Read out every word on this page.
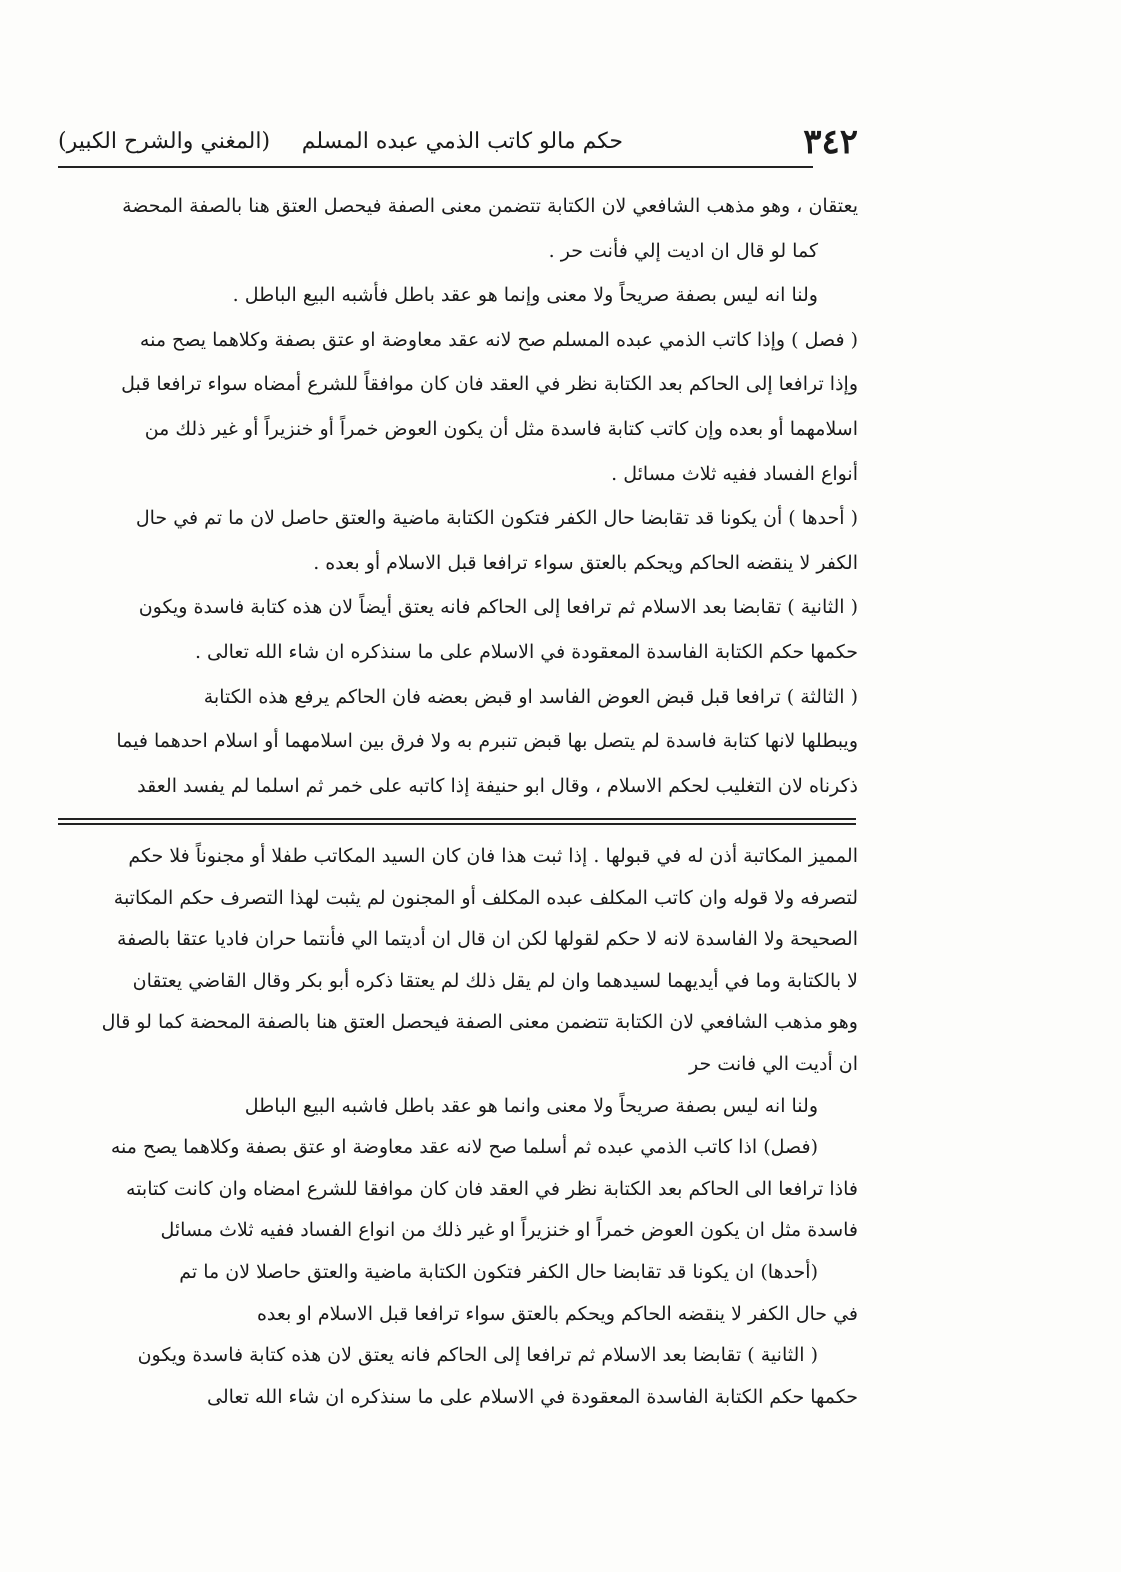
٣٤٢
حكم مالو كاتب الذمي عبده المسلم
(المغني والشرح الكبير)

يعتقان ، وهو مذهب الشافعي لان الكتابة تتضمن معنى الصفة فيحصل العتق هنا بالصفة المحضة

كما لو قال ان اديت إلي فأنت حر .

ولنا انه ليس بصفة صريحاً ولا معنى وإنما هو عقد باطل فأشبه البيع الباطل .

( فصل ) وإذا كاتب الذمي عبده المسلم صح لانه عقد معاوضة او عتق بصفة وكلاهما يصح منه

وإذا ترافعا إلى الحاكم بعد الكتابة نظر في العقد فان كان موافقاً للشرع أمضاه سواء ترافعا قبل

اسلامهما أو بعده وإن كاتب كتابة فاسدة مثل أن يكون العوض خمراً أو خنزيراً أو غير ذلك من

أنواع الفساد ففيه ثلاث مسائل .

( أحدها ) أن يكونا قد تقابضا حال الكفر فتكون الكتابة ماضية والعتق حاصل لان ما تم في حال

الكفر لا ينقضه الحاكم ويحكم بالعتق سواء ترافعا قبل الاسلام أو بعده .

( الثانية ) تقابضا بعد الاسلام ثم ترافعا إلى الحاكم فانه يعتق أيضاً لان هذه كتابة فاسدة ويكون

حكمها حكم الكتابة الفاسدة المعقودة في الاسلام على ما سنذكره ان شاء الله تعالى .

( الثالثة ) ترافعا قبل قبض العوض الفاسد او قبض بعضه فان الحاكم يرفع هذه الكتابة

ويبطلها لانها كتابة فاسدة لم يتصل بها قبض تنبرم به ولا فرق بين اسلامهما أو اسلام احدهما فيما

ذكرناه لان التغليب لحكم الاسلام ، وقال ابو حنيفة إذا كاتبه على خمر ثم اسلما لم يفسد العقد

المميز المكاتبة أذن له في قبولها . إذا ثبت هذا فان كان السيد المكاتب طفلا أو مجنوناً فلا حكم

لتصرفه ولا قوله وان كاتب المكلف عبده المكلف أو المجنون لم يثبت لهذا التصرف حكم المكاتبة

الصحيحة ولا الفاسدة لانه لا حكم لقولها لكن ان قال ان أديتما الي فأنتما حران فاديا عتقا بالصفة

لا بالكتابة وما في أيديهما لسيدهما وان لم يقل ذلك لم يعتقا ذكره أبو بكر وقال القاضي يعتقان

وهو مذهب الشافعي لان الكتابة تتضمن معنى الصفة فيحصل العتق هنا بالصفة المحضة كما لو قال

ان أديت الي فانت حر

ولنا انه ليس بصفة صريحاً ولا معنى وانما هو عقد باطل فاشبه البيع الباطل

(فصل) اذا كاتب الذمي عبده ثم أسلما صح لانه عقد معاوضة او عتق بصفة وكلاهما يصح منه

فاذا ترافعا الى الحاكم بعد الكتابة نظر في العقد فان كان موافقا للشرع امضاه وان كانت كتابته

فاسدة مثل ان يكون العوض خمراً او خنزيراً او غير ذلك من انواع الفساد ففيه ثلاث مسائل

(أحدها) ان يكونا قد تقابضا حال الكفر فتكون الكتابة ماضية والعتق حاصلا لان ما تم

في حال الكفر لا ينقضه الحاكم ويحكم بالعتق سواء ترافعا قبل الاسلام او بعده

( الثانية ) تقابضا بعد الاسلام ثم ترافعا إلى الحاكم فانه يعتق لان هذه كتابة فاسدة ويكون

حكمها حكم الكتابة الفاسدة المعقودة في الاسلام على ما سنذكره ان شاء الله تعالى
